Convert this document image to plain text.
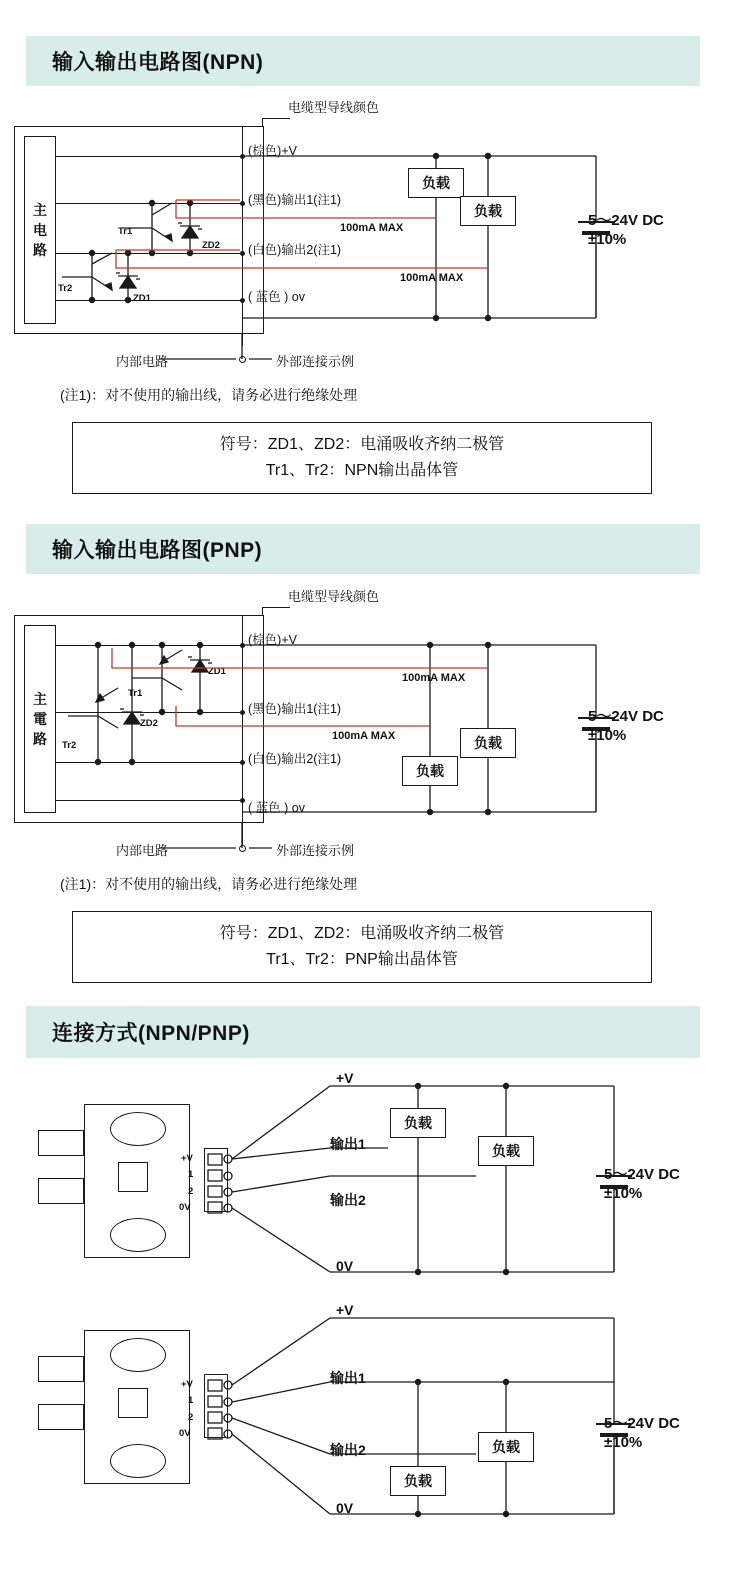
输入输出电路图(NPN)
电缆型导线颜色
主
电
路
(棕色)+V
(黑色)输出1(注1)
(白色)输出2(注1)
( 蓝色 ) ov
Tr1
Tr2
ZD2
ZD1
100mA MAX
100mA MAX
负载
负载
5～24V DC
±10%
内部电路	外部连接示例
(注1)：对不使用的输出线，请务必进行绝缘处理
符号：ZD1、ZD2：电涌吸收齐纳二极管
Tr1、Tr2：NPN输出晶体管
输入输出电路图(PNP)
电缆型导线颜色
主
電
路
(棕色)+V
(黑色)输出1(注1)
(白色)输出2(注1)
( 蓝色 ) ov
Tr1
Tr2
ZD1
ZD2
100mA MAX
100mA MAX	负载
负载
5～24V DC
±10%
内部电路	外部连接示例
(注1)：对不使用的输出线，请务必进行绝缘处理
符号：ZD1、ZD2：电涌吸收齐纳二极管
Tr1、Tr2：PNP输出晶体管
连接方式(NPN/PNP)
+V
1
2
0V
+V
输出1
输出2
0V
负载
负载
5～24V DC
±10%
+V
1
2
0V
+V
输出1
输出2
0V
负载
负载
5～24V DC
±10%
